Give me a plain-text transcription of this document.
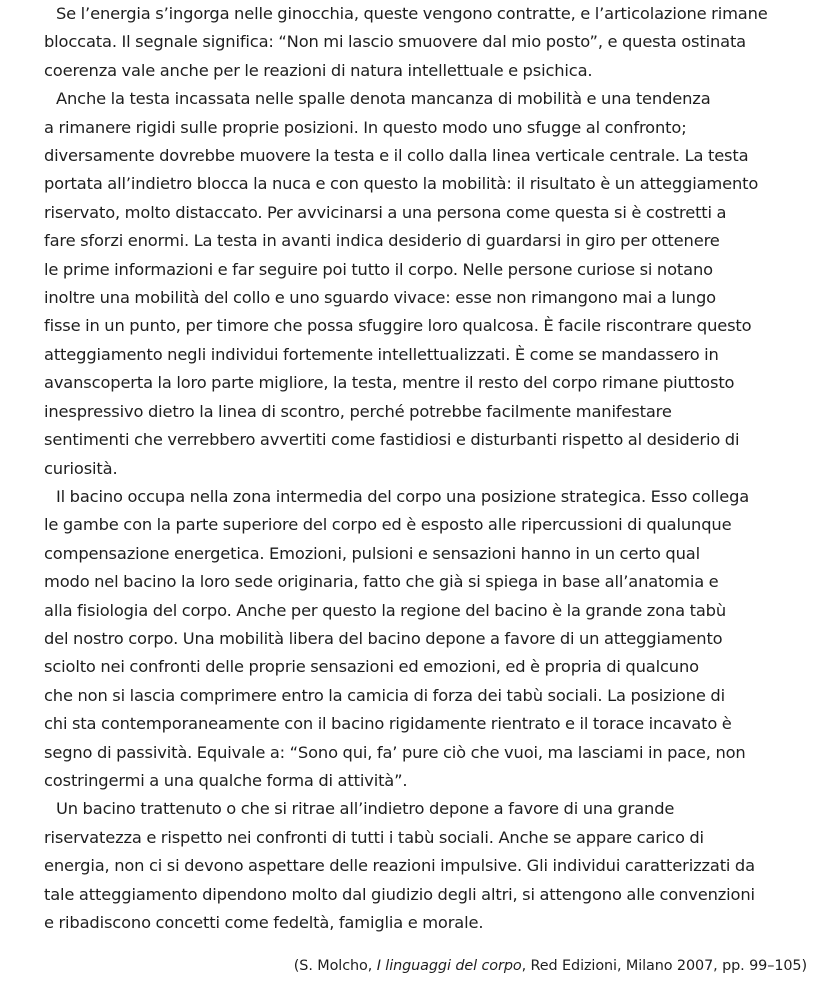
Se l’energia s’ingorga nelle ginocchia, queste vengono contratte, e l’articolazione rimane
bloccata. Il segnale significa: “Non mi lascio smuovere dal mio posto”, e questa ostinata
coerenza vale anche per le reazioni di natura intellettuale e psichica.

Anche la testa incassata nelle spalle denota mancanza di mobilità e una tendenza
a rimanere rigidi sulle proprie posizioni. In questo modo uno sfugge al confronto;
diversamente dovrebbe muovere la testa e il collo dalla linea verticale centrale. La testa
portata all’indietro blocca la nuca e con questo la mobilità: il risultato è un atteggiamento
riservato, molto distaccato. Per avvicinarsi a una persona come questa si è costretti a
fare sforzi enormi. La testa in avanti indica desiderio di guardarsi in giro per ottenere
le prime informazioni e far seguire poi tutto il corpo. Nelle persone curiose si notano
inoltre una mobilità del collo e uno sguardo vivace: esse non rimangono mai a lungo
fisse in un punto, per timore che possa sfuggire loro qualcosa. È facile riscontrare questo
atteggiamento negli individui fortemente intellettualizzati. È come se mandassero in
avanscoperta la loro parte migliore, la testa, mentre il resto del corpo rimane piuttosto
inespressivo dietro la linea di scontro, perché potrebbe facilmente manifestare
sentimenti che verrebbero avvertiti come fastidiosi e disturbanti rispetto al desiderio di
curiosità.

Il bacino occupa nella zona intermedia del corpo una posizione strategica. Esso collega
le gambe con la parte superiore del corpo ed è esposto alle ripercussioni di qualunque
compensazione energetica. Emozioni, pulsioni e sensazioni hanno in un certo qual
modo nel bacino la loro sede originaria, fatto che già si spiega in base all’anatomia e
alla fisiologia del corpo. Anche per questo la regione del bacino è la grande zona tabù
del nostro corpo. Una mobilità libera del bacino depone a favore di un atteggiamento
sciolto nei confronti delle proprie sensazioni ed emozioni, ed è propria di qualcuno
che non si lascia comprimere entro la camicia di forza dei tabù sociali. La posizione di
chi sta contemporaneamente con il bacino rigidamente rientrato e il torace incavato è
segno di passività. Equivale a: “Sono qui, fa’ pure ciò che vuoi, ma lasciami in pace, non
costringermi a una qualche forma di attività”.

Un bacino trattenuto o che si ritrae all’indietro depone a favore di una grande
riservatezza e rispetto nei confronti di tutti i tabù sociali. Anche se appare carico di
energia, non ci si devono aspettare delle reazioni impulsive. Gli individui caratterizzati da
tale atteggiamento dipendono molto dal giudizio degli altri, si attengono alle convenzioni
e ribadiscono concetti come fedeltà, famiglia e morale.

(S. Molcho, I linguaggi del corpo, Red Edizioni, Milano 2007, pp. 99–105)
